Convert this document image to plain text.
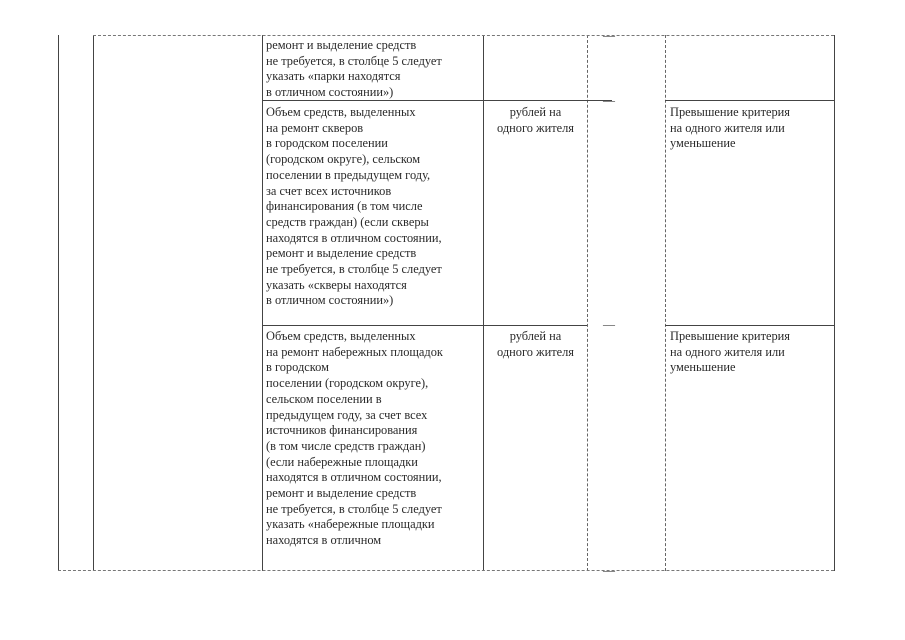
ремонт и выделение средств
не требуется, в столбце 5 следует
указать «парки находятся
в отличном состоянии»)
—
Объем средств, выделенных
на ремонт скверов
в городском поселении
(городском округе), сельском
поселении в предыдущем году,
за счет всех источников
финансирования (в том числе
средств граждан) (если скверы
находятся в отличном состоянии,
ремонт и выделение средств
не требуется, в столбце 5 следует
указать «скверы находятся
в отличном состоянии»)
рублей на
одного жителя
—
Превышение критерия
на одного жителя или
уменьшение
Объем средств, выделенных
на ремонт набережных площадок
в городском
поселении (городском округе),
сельском поселении в
предыдущем году, за счет всех
источников финансирования
(в том числе средств граждан)
(если набережные площадки
находятся в отличном состоянии,
ремонт и выделение средств
не требуется, в столбце 5 следует
указать «набережные площадки
находятся в отличном
рублей на
одного жителя
—
Превышение критерия
на одного жителя или
уменьшение
—
